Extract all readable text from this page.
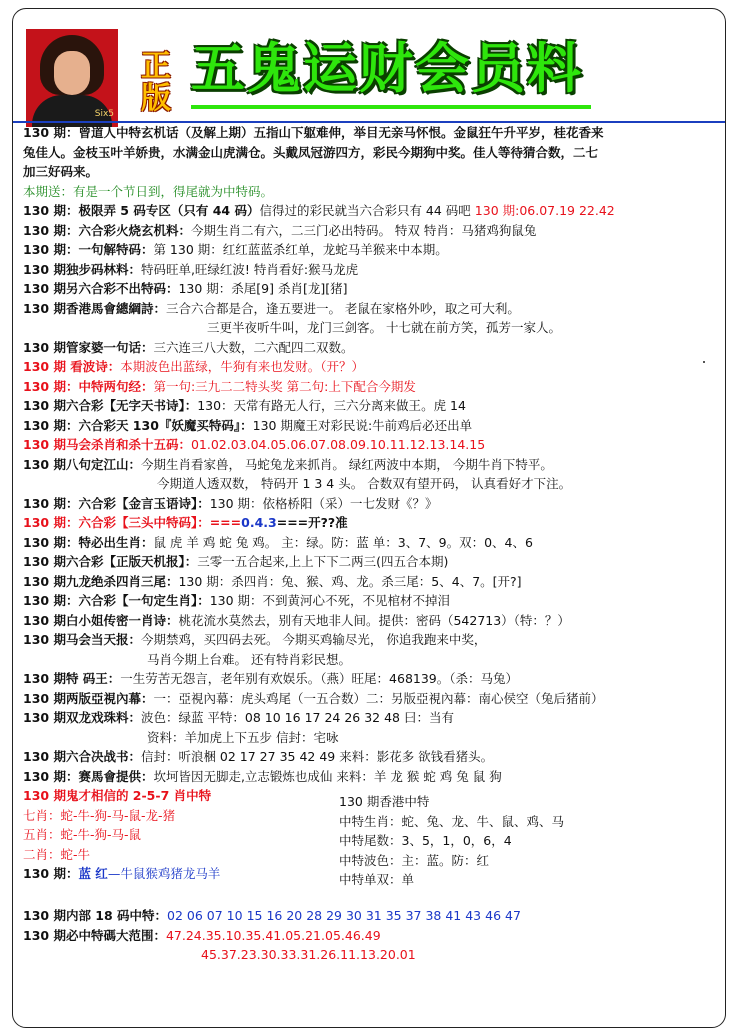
Six5
正
版 五鬼运财会员料

130 期：曾道人中特玄机话（及解上期）五指山下躯难伸，举目无亲马怀恨。金鼠狂午升平岁，桂花香来

兔佳人。金枝玉叶羊娇贵，水满金山虎满仓。头戴凤冠游四方，彩民今期狗中奖。佳人等待猜合数，二七

加三好码来。

本期送：有是一个节日到，得尾就为中特码。

130 期：极限弄 5 码专区（只有 44 码）信得过的彩民就当六合彩只有 44 码吧 130 期:06.07.19 22.42

130 期：六合彩火烧玄机料：今期生肖二有六，二三门必出特码。 特双 特肖：马猪鸡狗鼠兔

130 期：一句解特码：第 130 期：红红蓝蓝杀红单，龙蛇马羊猴来中本期。

130 期独步码林料：特码旺单,旺绿红波! 特肖看好:猴马龙虎

130 期另六合彩不出特码：130 期：杀尾[9] 杀肖[龙][猪]

130 期香港馬會總綱詩：三合六合都是合，逢五要进一。 老鼠在家格外吵，取之可大利。

三更半夜听牛叫，龙门三剑客。 十七就在前方笑，孤芳一家人。

130 期管家婆一句话：三六连三八大数，二六配四二双数。

130 期 看波诗：本期波色出蓝绿，牛狗有来也发财。（开？）

130 期：中特两句经：第一句:三九二二特头奖 第二句:上下配合今期发

130 期六合彩【无字天书诗】：130：天常有路无人行，三六分离来做王。虎 14

130 期：六合彩天 130『妖魔买特码』：130 期魔王对彩民说:牛前鸡后必还出单

130 期马会杀肖和杀十五码：01.02.03.04.05.06.07.08.09.10.11.12.13.14.15

130 期八句定江山：今期生肖看家兽， 马蛇兔龙来抓肖。 绿红两波中本期， 今期牛肖下特平。

今期道人透双数， 特码开 1 3 4 头。 合数双有望开码， 认真看好才下注。

130 期：六合彩【金言玉语诗】：130 期：依格桥阳（采）一七发财《？》

130 期：六合彩【三头中特码】：===0.4.3===开??准

130 期：特必出生肖：鼠 虎 羊 鸡 蛇 兔 鸡。 主：绿。防：蓝 单：3、7、9。双：0、4、6

130 期六合彩【正版天机报】：三零一五合起来,上上下下二两三(四五合本期)

130 期九龙绝杀四肖三尾：130 期：杀四肖：兔、猴、鸡、龙。杀三尾：5、4、7。[开?]

130 期：六合彩【一句定生肖】：130 期：不到黄河心不死，不见棺材不掉泪

130 期白小姐传密一肖诗：桃花流水莫然去，别有天地非人间。提供：密码（542713）（特：？）

130 期马会当天报：今期禁鸡，买四码去死。 今期买鸡输尽光， 你追我跑来中奖，

马肖今期上台难。 还有特肖彩民想。

130 期特 码王：一生劳苦无怨言，老年别有欢娱乐。（燕）旺尾：468139。（杀：马兔）

130 期两版亞視內幕：一：亞視內幕：虎头鸡尾（一五合数）二：另版亞視內幕：南心侯空（兔后猪前）

130 期双龙戏珠料：波色：绿蓝 平特：08 10 16 17 24 26 32 48 曰：当有

资料：羊加虎上下五步 信封：宅咏

130 期六合决战书：信封：听浪梱 02 17 27 35 42 49 来料：影花多 欲钱看猪头。

130 期：赛馬會提供：坎坷皆因无脚走,立志锻炼也成仙 来料：羊 龙 猴 蛇 鸡 兔 鼠 狗

130 期鬼才相信的 2-5-7 肖中特

七肖：蛇-牛-狗-马-鼠-龙-猪

五肖：蛇-牛-狗-马-鼠

二肖：蛇-牛

130 期：蓝 红—牛鼠猴鸡猪龙马羊

130 期香港中特

中特生肖：蛇、兔、龙、牛、鼠、鸡、马

中特尾数：3、5，1，0，6，4

中特波色：主：蓝。防：红

中特单双：单

130 期内部 18 码中特：02 06 07 10 15 16 20 28 29 30 31 35 37 38 41 43 46 47

130 期必中特碼大范围：47.24.35.10.35.41.05.21.05.46.49

45.37.23.30.33.31.26.11.13.20.01
